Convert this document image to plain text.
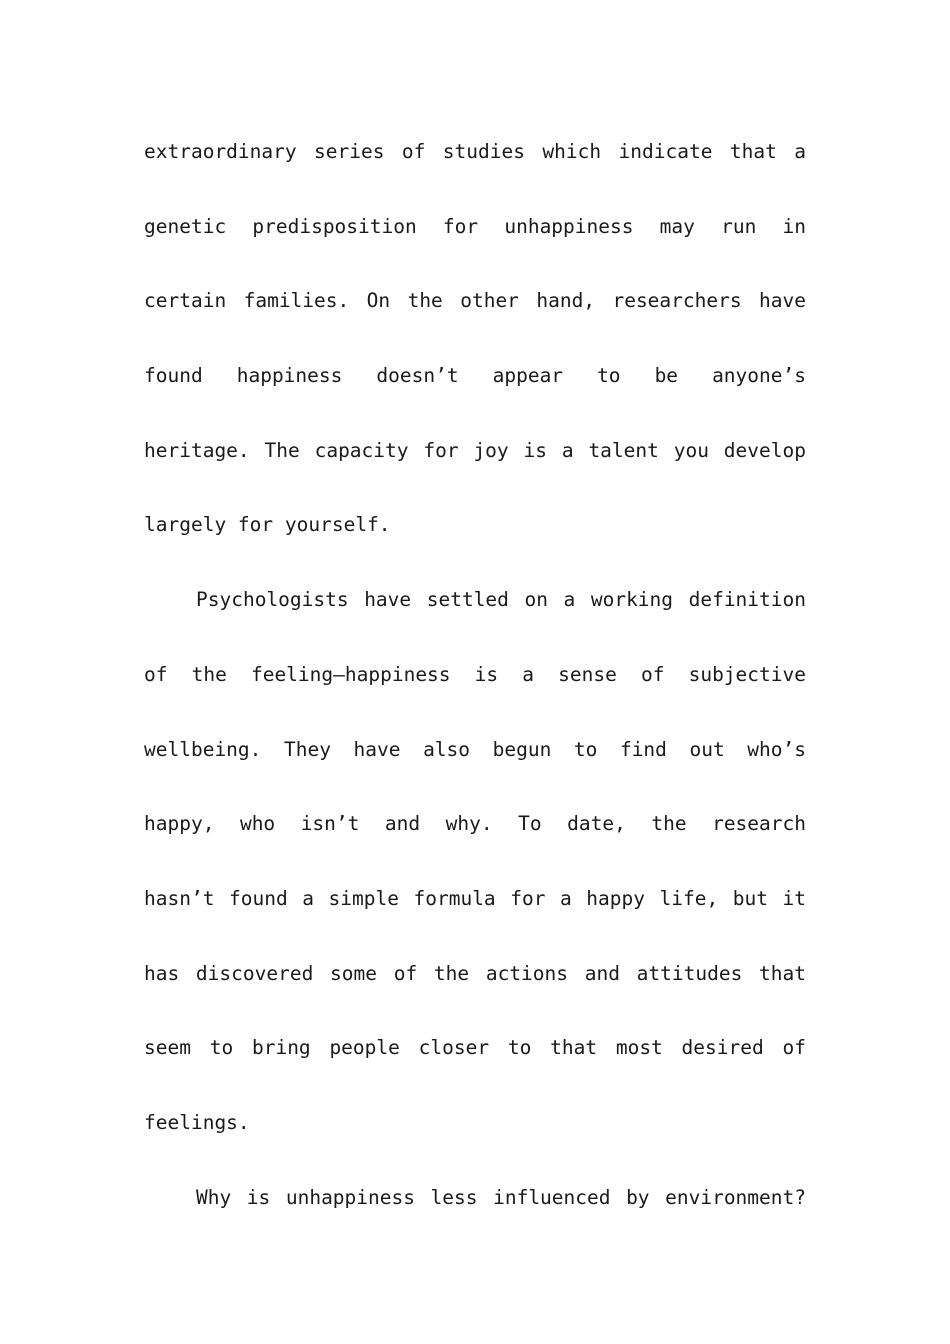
extraordinary series of studies which indicate that a
genetic predisposition for unhappiness may run in
certain families. On the other hand, researchers have
found happiness doesn’t appear to be anyone’s
heritage. The capacity for joy is a talent you develop
largely for yourself.
Psychologists have settled on a working definition
of the feeling—happiness is a sense of subjective
wellbeing. They have also begun to find out who’s
happy, who isn’t and why. To date, the research
hasn’t found a simple formula for a happy life, but it
has discovered some of the actions and attitudes that
seem to bring people closer to that most desired of
feelings.
Why is unhappiness less influenced by environment?
